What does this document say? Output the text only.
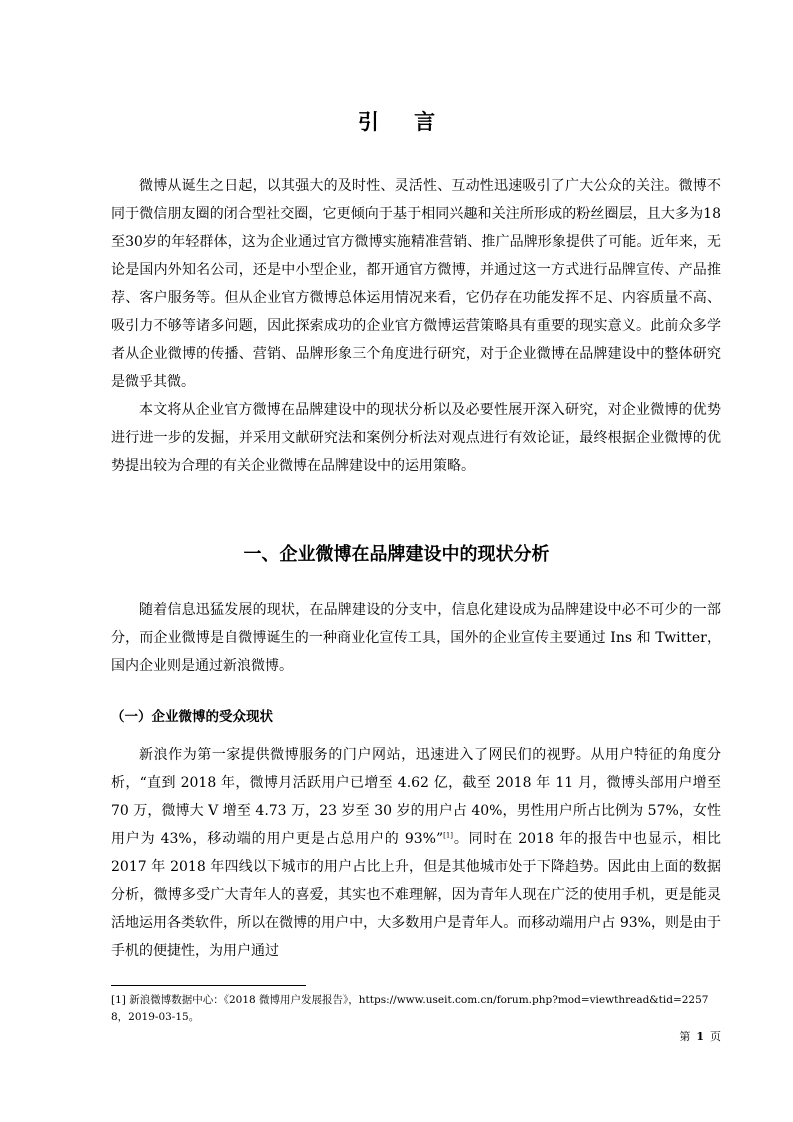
引 言

微博从诞生之日起，以其强大的及时性、灵活性、互动性迅速吸引了广大公众的关注。微博不同于微信朋友圈的闭合型社交圈，它更倾向于基于相同兴趣和关注所形成的粉丝圈层，且大多为18至30岁的年轻群体，这为企业通过官方微博实施精准营销、推广品牌形象提供了可能。近年来，无论是国内外知名公司，还是中小型企业，都开通官方微博，并通过这一方式进行品牌宣传、产品推荐、客户服务等。但从企业官方微博总体运用情况来看，它仍存在功能发挥不足、内容质量不高、吸引力不够等诸多问题，因此探索成功的企业官方微博运营策略具有重要的现实意义。此前众多学者从企业微博的传播、营销、品牌形象三个角度进行研究，对于企业微博在品牌建设中的整体研究是微乎其微。

本文将从企业官方微博在品牌建设中的现状分析以及必要性展开深入研究，对企业微博的优势进行进一步的发掘，并采用文献研究法和案例分析法对观点进行有效论证，最终根据企业微博的优势提出较为合理的有关企业微博在品牌建设中的运用策略。

一、企业微博在品牌建设中的现状分析

随着信息迅猛发展的现状，在品牌建设的分支中，信息化建设成为品牌建设中必不可少的一部分，而企业微博是自微博诞生的一种商业化宣传工具，国外的企业宣传主要通过 Ins 和 Twitter，国内企业则是通过新浪微博。

（一）企业微博的受众现状

新浪作为第一家提供微博服务的门户网站，迅速进入了网民们的视野。从用户特征的角度分析，“直到 2018 年，微博月活跃用户已增至 4.62 亿，截至 2018 年 11 月，微博头部用户增至 70 万，微博大 V 增至 4.73 万，23 岁至 30 岁的用户占 40%，男性用户所占比例为 57%，女性用户为 43%，移动端的用户更是占总用户的 93%”[1]。同时在 2018 年的报告中也显示，相比 2017 年 2018 年四线以下城市的用户占比上升，但是其他城市处于下降趋势。因此由上面的数据分析，微博多受广大青年人的喜爱，其实也不难理解，因为青年人现在广泛的使用手机，更是能灵活地运用各类软件，所以在微博的用户中，大多数用户是青年人。而移动端用户占 93%，则是由于手机的便捷性，为用户通过

[1] 新浪微博数据中心：《2018 微博用户发展报告》，https://www.useit.com.cn/forum.php?mod=viewthread&tid=22578，2019-03-15。
第 1 页
